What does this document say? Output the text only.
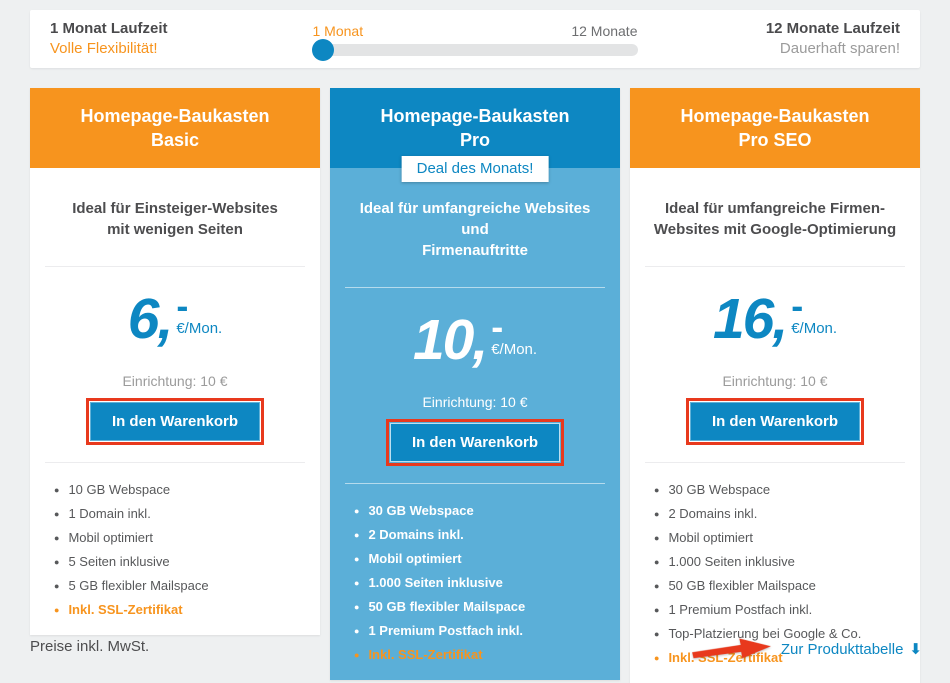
1 Monat Laufzeit
Volle Flexibilität!
1 Monat	12 Monate	12 Monate Laufzeit
Dauerhaft sparen!
Homepage-Baukasten
Basic
Ideal für Einsteiger-Websites
mit wenigen Seiten
6, -
€/Mon.
Einrichtung: 10 €
In den Warenkorb
● 10 GB Webspace
● 1 Domain inkl.
● Mobil optimiert
● 5 Seiten inklusive
● 5 GB flexibler Mailspace
● Inkl. SSL-Zertifikat
Homepage-Baukasten
Pro
Deal des Monats!
Ideal für umfangreiche Websites und
Firmenauftritte
10, -
€/Mon.
Einrichtung: 10 €
In den Warenkorb
● 30 GB Webspace
● 2 Domains inkl.
● Mobil optimiert
● 1.000 Seiten inklusive
● 50 GB flexibler Mailspace
● 1 Premium Postfach inkl.
● Inkl. SSL-Zertifikat
Homepage-Baukasten
Pro SEO
Ideal für umfangreiche Firmen-
Websites mit Google-Optimierung
16, -
€/Mon.
Einrichtung: 10 €
In den Warenkorb
● 30 GB Webspace
● 2 Domains inkl.
● Mobil optimiert
● 1.000 Seiten inklusive
● 50 GB flexibler Mailspace
● 1 Premium Postfach inkl.
● Top-Platzierung bei Google & Co.
● Inkl. SSL-Zertifikat
Preise inkl. MwSt.	Zur Produkttabelle ⬇
